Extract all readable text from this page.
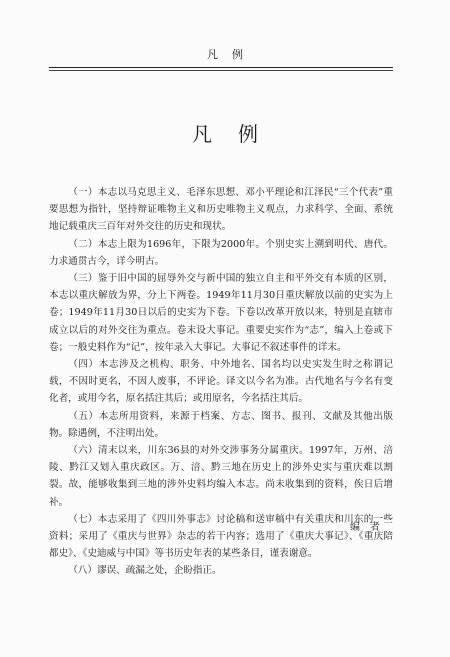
凡例
凡例

（一）本志以马克思主义、毛泽东思想、邓小平理论和江泽民“三个代表”重要思想为指针，坚持辩证唯物主义和历史唯物主义观点，力求科学、全面、系统地记载重庆三百年对外交往的历史和现状。

（二）本志上限为1696年，下限为2000年。个别史实上溯到明代、唐代。力求通贯古今，详今明古。

（三）鉴于旧中国的屈辱外交与新中国的独立自主和平外交有本质的区别，本志以重庆解放为界，分上下两卷。1949年11月30日重庆解放以前的史实为上卷；1949年11月30日以后的史实为下卷。下卷以改革开放以来，特别是直辖市成立以后的对外交往为重点。卷末设大事记。重要史实作为“志”，编入上卷或下卷；一般史料作为“记”，按年录入大事记。大事记不叙述事件的详末。

（四）本志涉及之机构、职务、中外地名、国名均以史实发生时之称谓记载，不因时更名，不因人废事，不评论。译文以今名为准。古代地名与今名有变化者，或用今名，原名括注其后；或用原名，今名括注其后。

（五）本志所用资料，来源于档案、方志、图书、报刊、文献及其他出版物。除遇例，不注明出处。

（六）清末以来，川东36县的对外交涉事务分属重庆。1997年，万州、涪陵、黔江又划入重庆政区。万、涪、黔三地在历史上的涉外史实与重庆难以割裂。故，能够收集到三地的涉外史料均编入本志。尚未收集到的资料，俟日后增补。

（七）本志采用了《四川外事志》讨论稿和送审稿中有关重庆和川东的一些资料；采用了《重庆与世界》杂志的若干内容；选用了《重庆大事记》、《重庆陪都史》、《史迪威与中国》等书历史年表的某些条目，谨表谢意。

（八）谬误、疏漏之处，企盼指正。

编者
